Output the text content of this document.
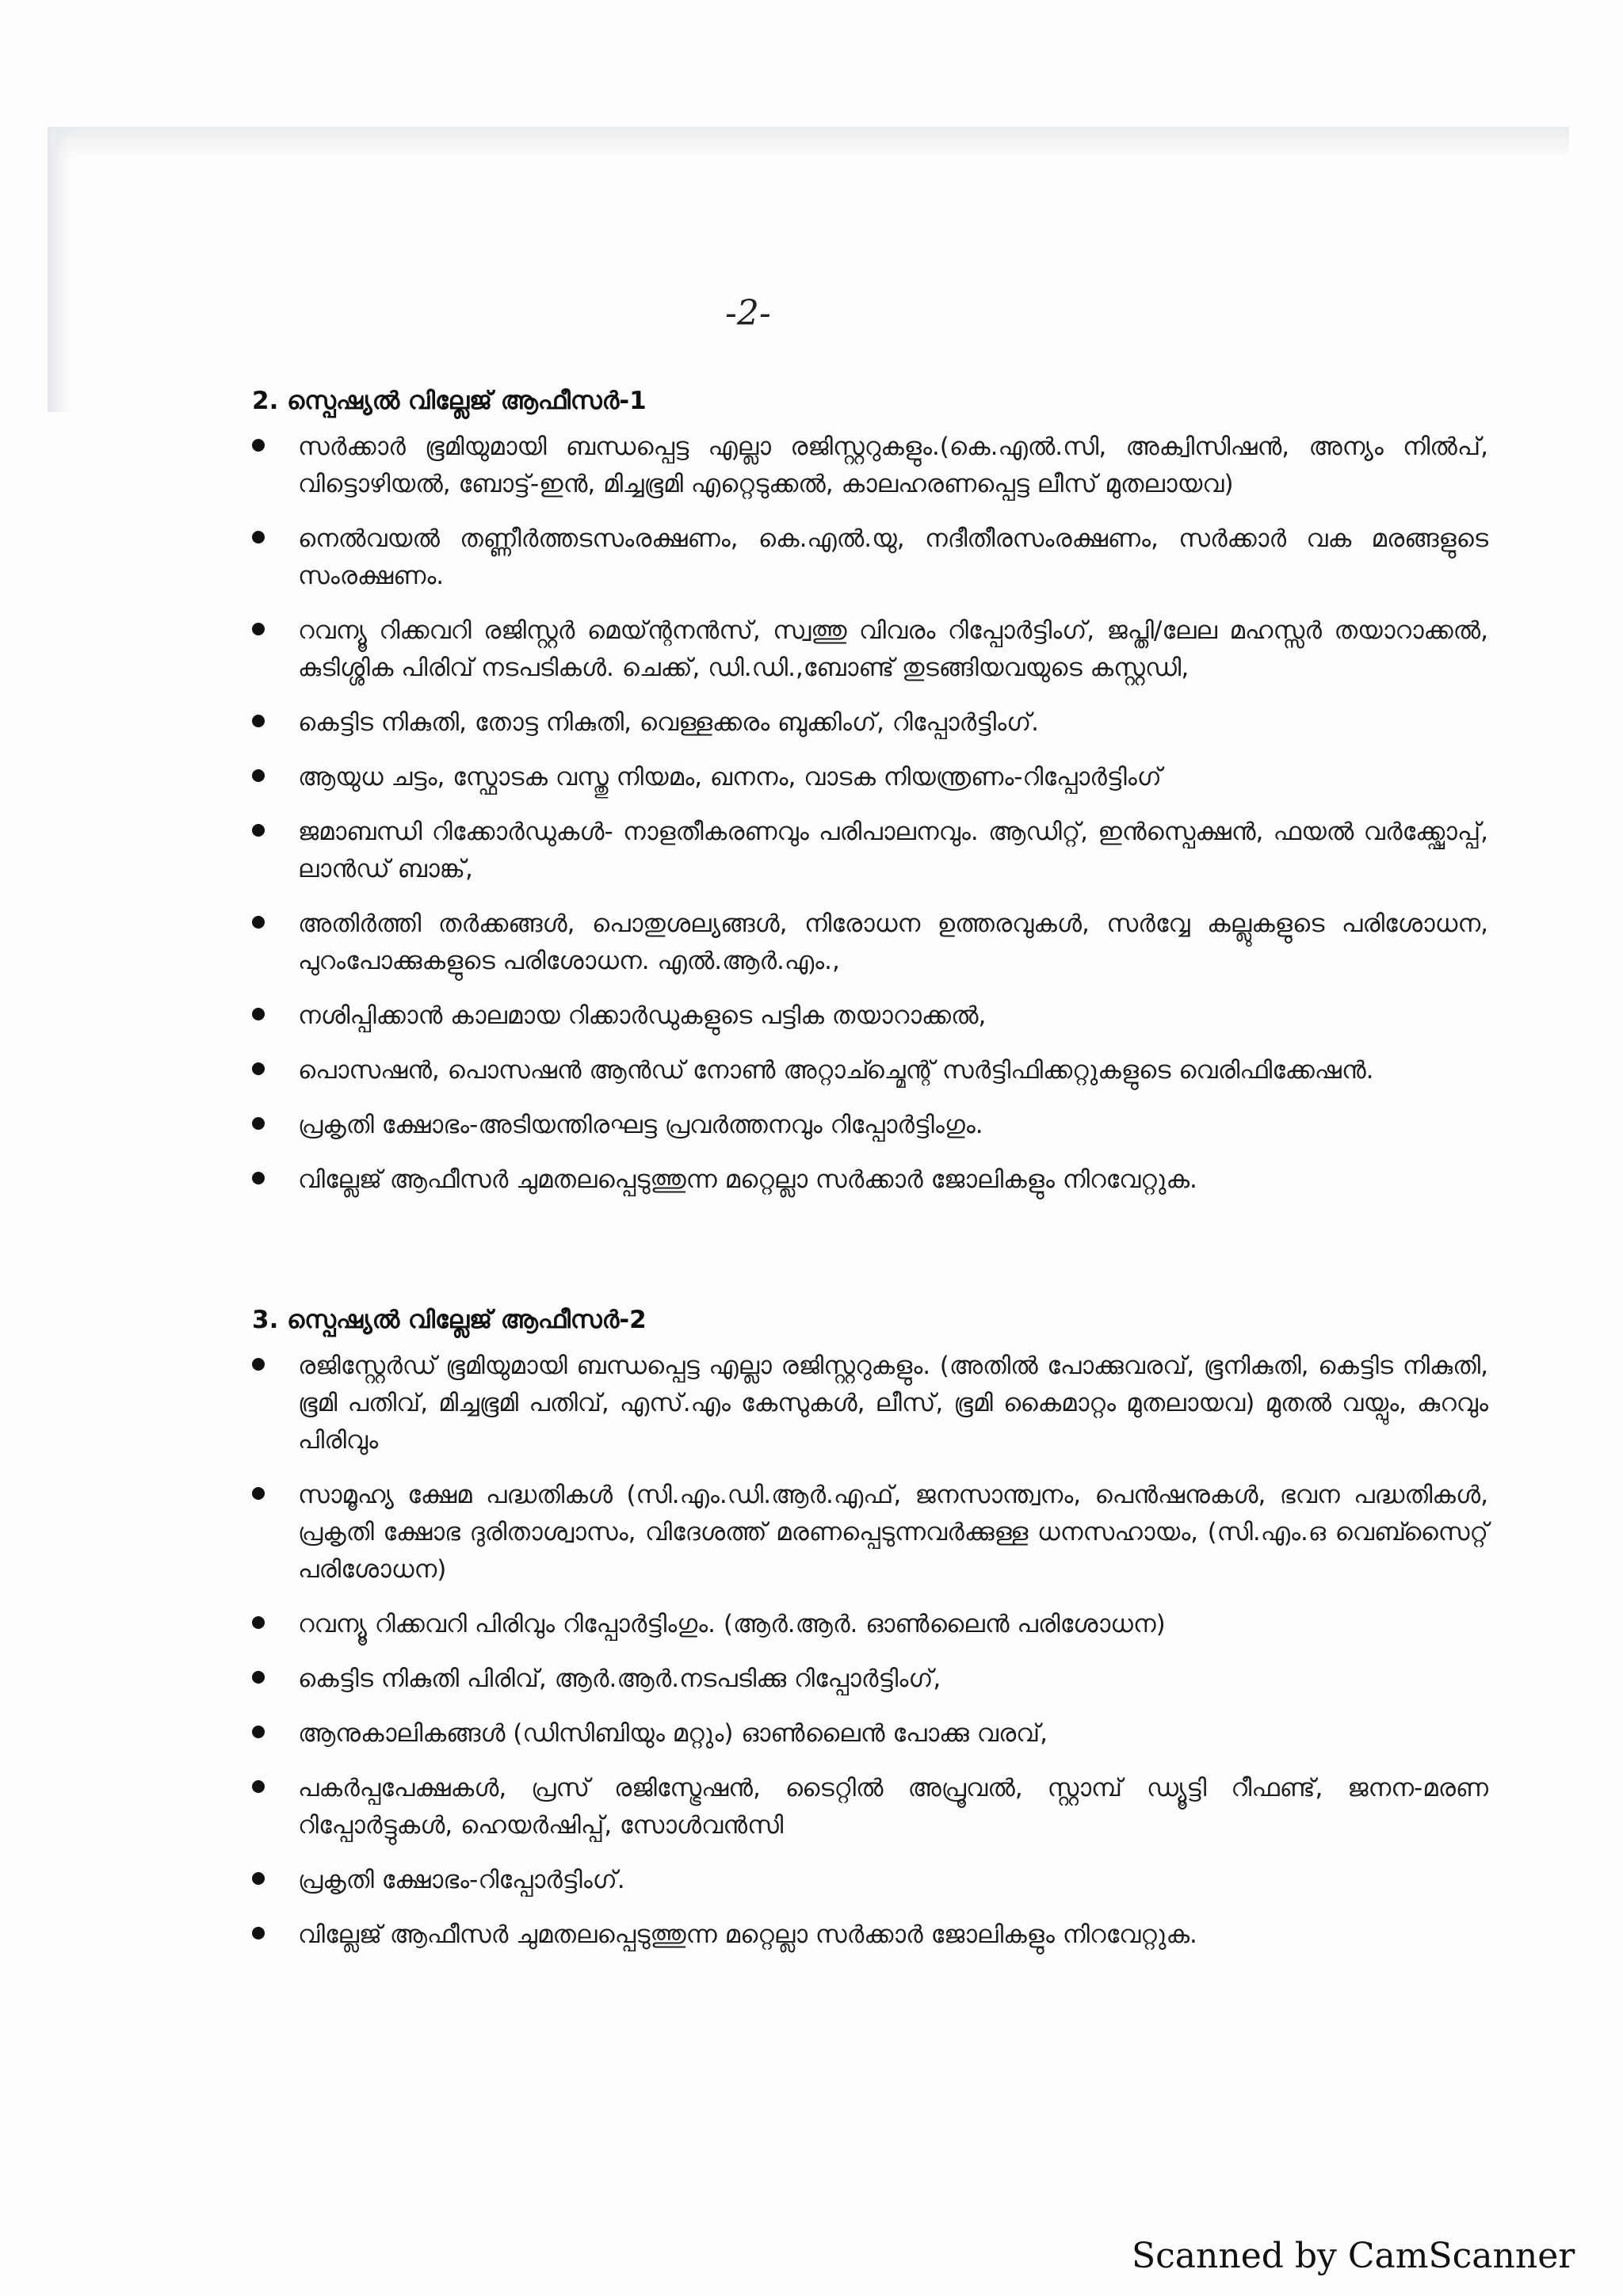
-2-
2. സ്പെഷ്യൽ വില്ലേജ് ആഫീസർ-1
സർക്കാർ ഭൂമിയുമായി ബന്ധപ്പെട്ട എല്ലാ രജിസ്റ്ററുകളും.(കെ.എൽ.സി, അക്വിസിഷൻ, അന്യം നിൽപ്, വിട്ടൊഴിയൽ, ബോട്ട്-ഇൻ, മിച്ചഭൂമി എറ്റെടുക്കൽ, കാലഹരണപ്പെട്ട ലീസ് മുതലായവ)
നെൽവയൽ തണ്ണീർത്തടസംരക്ഷണം, കെ.എൽ.യു, നദീതീരസംരക്ഷണം, സർക്കാർ വക മരങ്ങളുടെ സംരക്ഷണം.
റവന്യൂ റിക്കവറി രജിസ്റ്റർ മെയ്ന്റനൻസ്, സ്വത്തു വിവരം റിപ്പോർട്ടിംഗ്, ജപ്തി/ലേല മഹസ്സർ തയാറാക്കൽ, കുടിശ്ശിക പിരിവ് നടപടികൾ. ചെക്ക്, ഡി.ഡി.,ബോണ്ട് തുടങ്ങിയവയുടെ കസ്റ്റഡി,
കെട്ടിട നികുതി, തോട്ട നികുതി, വെള്ളക്കരം ബുക്കിംഗ്, റിപ്പോർട്ടിംഗ്.
ആയുധ ചട്ടം, സ്ഫോടക വസ്തു നിയമം, ഖനനം, വാടക നിയന്ത്രണം-റിപ്പോർട്ടിംഗ്
ജമാബന്ധി റിക്കോർഡുകൾ- നാളതീകരണവും പരിപാലനവും. ആഡിറ്റ്, ഇൻസ്പെക്ഷൻ, ഫയൽ വർക്ക്ഷോപ്പ്, ലാൻഡ് ബാങ്ക്,
അതിർത്തി തർക്കങ്ങൾ, പൊതുശല്യങ്ങൾ, നിരോധന ഉത്തരവുകൾ, സർവ്വേ കല്ലുകളുടെ പരിശോധന, പുറംപോക്കുകളുടെ പരിശോധന. എൽ.ആർ.എം.,
നശിപ്പിക്കാൻ കാലമായ റിക്കാർഡുകളുടെ പട്ടിക തയാറാക്കൽ,
പൊസഷൻ, പൊസഷൻ ആൻഡ് നോൺ അറ്റാച്ച്മെന്റ് സർട്ടിഫിക്കറ്റുകളുടെ വെരിഫിക്കേഷൻ.
പ്രകൃതി ക്ഷോഭം-അടിയന്തിരഘട്ട പ്രവർത്തനവും റിപ്പോർട്ടിംഗും.
വില്ലേജ് ആഫീസർ ചുമതലപ്പെടുത്തുന്ന മറ്റെല്ലാ സർക്കാർ ജോലികളും നിറവേറ്റുക.
3. സ്പെഷ്യൽ വില്ലേജ് ആഫീസർ-2
രജിസ്റ്റേർഡ് ഭൂമിയുമായി ബന്ധപ്പെട്ട എല്ലാ രജിസ്റ്ററുകളും. (അതിൽ പോക്കുവരവ്, ഭൂനികുതി, കെട്ടിട നികുതി, ഭൂമി പതിവ്, മിച്ചഭൂമി പതിവ്, എസ്.എം കേസുകൾ, ലീസ്, ഭൂമി കൈമാറ്റം മുതലായവ) മുതൽ വയ്പും, കുറവും പിരിവും
സാമൂഹ്യ ക്ഷേമ പദ്ധതികൾ (സി.എം.ഡി.ആർ.എഫ്, ജനസാന്ത്വനം, പെൻഷനുകൾ, ഭവന പദ്ധതികൾ, പ്രകൃതി ക്ഷോഭ ദുരിതാശ്വാസം, വിദേശത്ത് മരണപ്പെടുന്നവർക്കുള്ള ധനസഹായം, (സി.എം.ഒ വെബ്സൈറ്റ് പരിശോധന)
റവന്യൂ റിക്കവറി പിരിവും റിപ്പോർട്ടിംഗും. (ആർ.ആർ. ഓൺലൈൻ പരിശോധന)
കെട്ടിട നികുതി പിരിവ്, ആർ.ആർ.നടപടിക്കു റിപ്പോർട്ടിംഗ്,
ആനുകാലികങ്ങൾ (ഡിസിബിയും മറ്റും) ഓൺലൈൻ പോക്കു വരവ്,
പകർപ്പപേക്ഷകൾ, പ്രസ് രജിസ്ട്രേഷൻ, ടൈറ്റിൽ അപ്രൂവൽ, സ്റ്റാമ്പ് ഡ്യൂട്ടി റീഫണ്ട്, ജനന-മരണ റിപ്പോർട്ടുകൾ, ഹെയർഷിപ്പ്, സോൾവൻസി
പ്രകൃതി ക്ഷോഭം-റിപ്പോർട്ടിംഗ്.
വില്ലേജ് ആഫീസർ ചുമതലപ്പെടുത്തുന്ന മറ്റെല്ലാ സർക്കാർ ജോലികളും നിറവേറ്റുക.
Scanned by CamScanner
